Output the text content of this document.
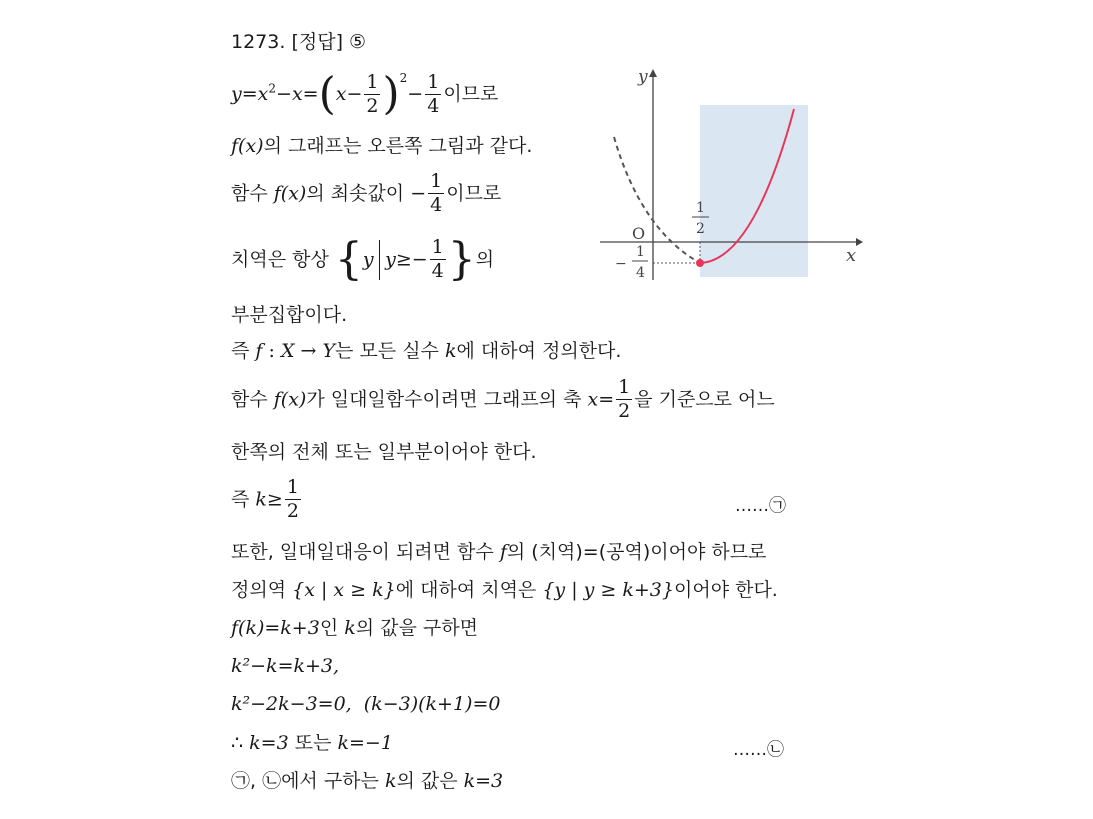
1273. [정답] ⑤
$y=x^2-x=(x- \frac{1}{2} )^2- \frac{1}{4}$ 이므로
f(x)의 그래프는 오른쪽 그림과 같다.
함수 f(x)의 최솟값이 − $\frac{1}{4}$ 이므로
치역은 항상 {y $y\ge- \frac{1}{4}$ }의
부분집합이다.
즉 f : X → Y는 모든 실수 k에 대하여 정의한다.
함수 f(x)가 일대일함수이려면 그래프의 축 $x= \frac{1}{2}$ 을 기준으로 어느
한쪽의 전체 또는 일부분이어야 한다.
즉 $k\ge \frac{1}{2}$	……㉠
또한, 일대일대응이 되려면 함수 f의 (치역)=(공역)이어야 하므로
정의역 {x | x ≥ k}에 대하여 치역은 {y | y ≥ k+3}이어야 한다.
f(k)=k+3인 k의 값을 구하면
k²−k=k+3,
k²−2k−3=0, (k−3)(k+1)=0
∴ k=3 또는 k=−1	……㉡
㉠, ㉡에서 구하는 k의 값은 k=3
y
x
O
1
2
−
1
4
